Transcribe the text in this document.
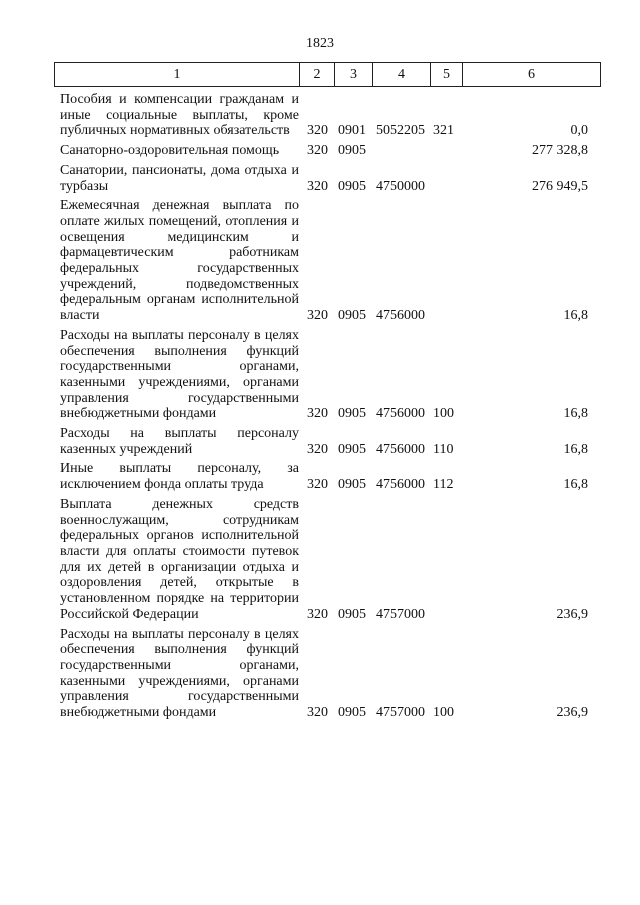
1823
1	2	3	4	5	6
Пособия и компенсации гражданам и иные социальные выплаты, кроме публичных нормативных обязательств	320	0901	5052205	321	0,0

Санаторно-оздоровительная помощь	320	0905			277 328,8

Санатории, пансионаты, дома отдыха и турбазы	320	0905	4750000		276 949,5

Ежемесячная денежная выплата по оплате жилых помещений, отопления и освещения медицинским и фармацевтическим работникам федеральных государственных учреждений, подведомственных федеральным органам исполнительной власти	320	0905	4756000		16,8

Расходы на выплаты персоналу в целях обеспечения выполнения функций государственными органами, казенными учреждениями, органами управления государственными внебюджетными фондами	320	0905	4756000	100	16,8

Расходы на выплаты персоналу казенных учреждений	320	0905	4756000	110	16,8

Иные выплаты персоналу, за исключением фонда оплаты труда	320	0905	4756000	112	16,8

Выплата денежных средств военнослужащим, сотрудникам федеральных органов исполнительной власти для оплаты стоимости путевок для их детей в организации отдыха и оздоровления детей, открытые в установленном порядке на территории Российской Федерации	320	0905	4757000		236,9

Расходы на выплаты персоналу в целях обеспечения выполнения функций государственными органами, казенными учреждениями, органами управления государственными внебюджетными фондами	320	0905	4757000	100	236,9
